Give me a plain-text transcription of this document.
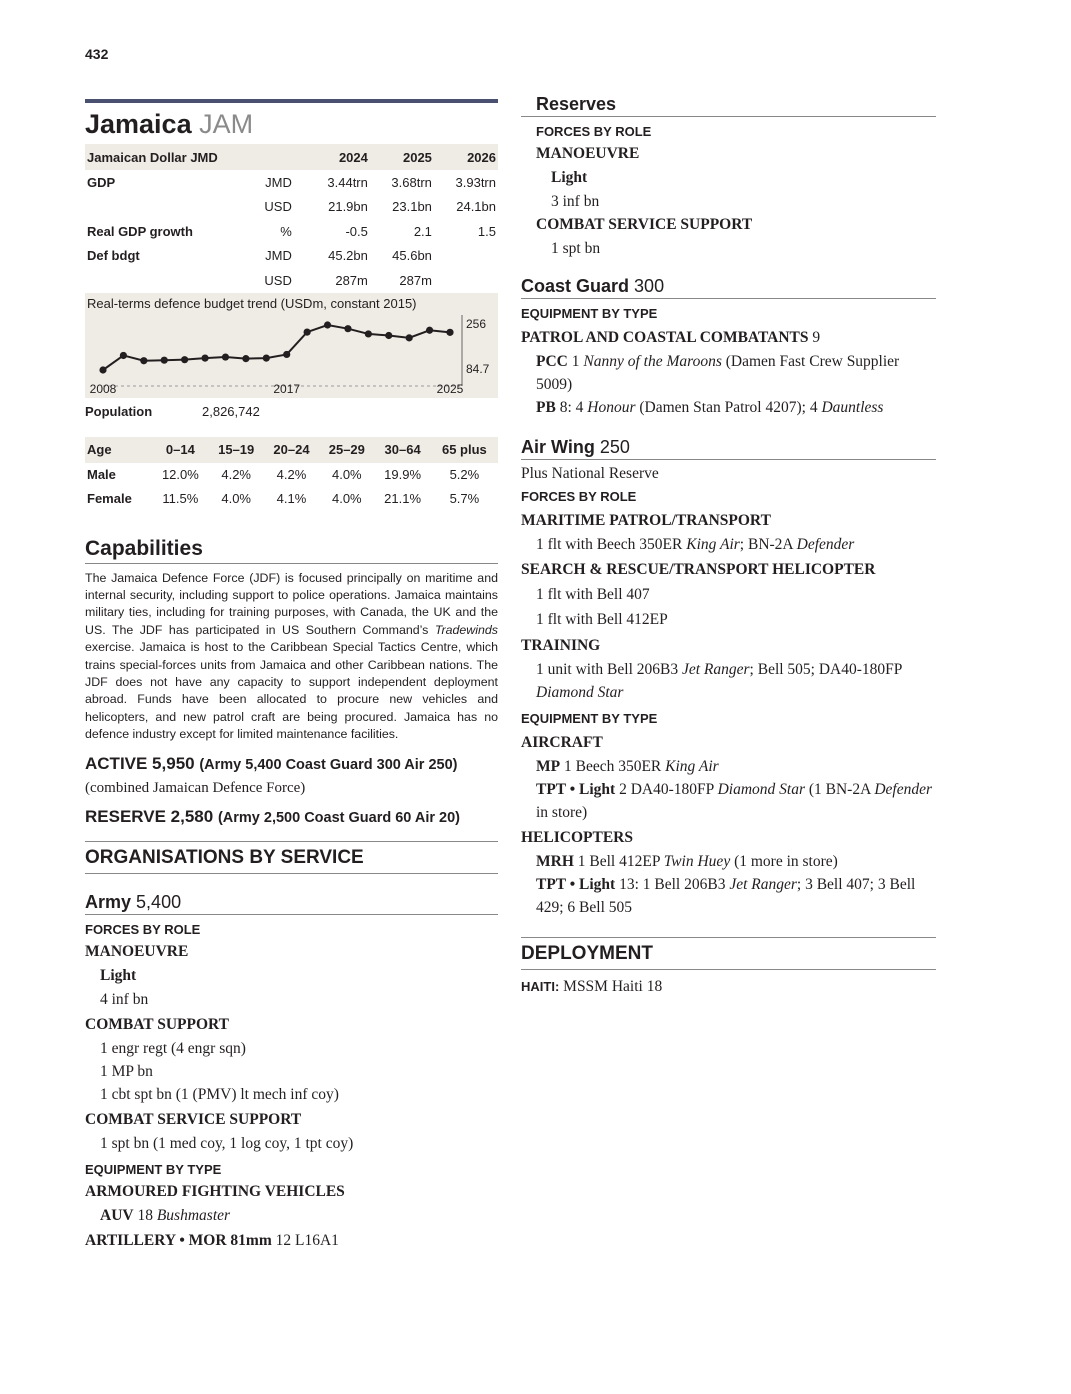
432
Jamaica JAM
Jamaican Dollar JMD		2024	2025	2026
GDP	JMD	3.44trn	3.68trn	3.93trn
	USD	21.9bn	23.1bn	24.1bn
Real GDP growth	%	-0.5	2.1	1.5
Def bdgt	JMD	45.2bn	45.6bn	
	USD	287m	287m	
Real-terms defence budget trend (USDm, constant 2015)
2008	2017	2025
256
84.7
Population	2,826,742
Age	0–14	15–19	20–24	25–29	30–64	65 plus
Male	12.0%	4.2%	4.2%	4.0%	19.9%	5.2%
Female	11.5%	4.0%	4.1%	4.0%	21.1%	5.7%
Capabilities
The Jamaica Defence Force (JDF) is focused principally on maritime and internal security, including support to police operations. Jamaica maintains military ties, including for training purposes, with Canada, the UK and the US. The JDF has participated in US Southern Command’s Tradewinds exercise. Jamaica is host to the Caribbean Special Tactics Centre, which trains special-forces units from Jamaica and other Caribbean nations. The JDF does not have any capacity to support independent deployment abroad. Funds have been allocated to procure new vehicles and helicopters, and new patrol craft are being procured. Jamaica has no defence industry except for limited maintenance facilities.
ACTIVE 5,950 (Army 5,400 Coast Guard 300 Air 250)
(combined Jamaican Defence Force)
RESERVE 2,580 (Army 2,500 Coast Guard 60 Air 20)
ORGANISATIONS BY SERVICE
Army 5,400
FORCES BY ROLE
MANOEUVRE
Light
4 inf bn
COMBAT SUPPORT
1 engr regt (4 engr sqn)
1 MP bn
1 cbt spt bn (1 (PMV) lt mech inf coy)
COMBAT SERVICE SUPPORT
1 spt bn (1 med coy, 1 log coy, 1 tpt coy)
EQUIPMENT BY TYPE
ARMOURED FIGHTING VEHICLES
AUV 18 Bushmaster
ARTILLERY • MOR 81mm 12 L16A1
Reserves
FORCES BY ROLE
MANOEUVRE
Light
3 inf bn
COMBAT SERVICE SUPPORT
1 spt bn
Coast Guard 300
EQUIPMENT BY TYPE
PATROL AND COASTAL COMBATANTS 9
PCC 1 Nanny of the Maroons (Damen Fast Crew Supplier 5009)
PB 8: 4 Honour (Damen Stan Patrol 4207); 4 Dauntless
Air Wing 250
Plus National Reserve
FORCES BY ROLE
MARITIME PATROL/TRANSPORT
1 flt with Beech 350ER King Air; BN-2A Defender
SEARCH & RESCUE/TRANSPORT HELICOPTER
1 flt with Bell 407
1 flt with Bell 412EP
TRAINING
1 unit with Bell 206B3 Jet Ranger; Bell 505; DA40-180FP Diamond Star
EQUIPMENT BY TYPE
AIRCRAFT
MP 1 Beech 350ER King Air
TPT • Light 2 DA40-180FP Diamond Star (1 BN-2A Defender in store)
HELICOPTERS
MRH 1 Bell 412EP Twin Huey (1 more in store)
TPT • Light 13: 1 Bell 206B3 Jet Ranger; 3 Bell 407; 3 Bell 429; 6 Bell 505
DEPLOYMENT
HAITI: MSSM Haiti 18
